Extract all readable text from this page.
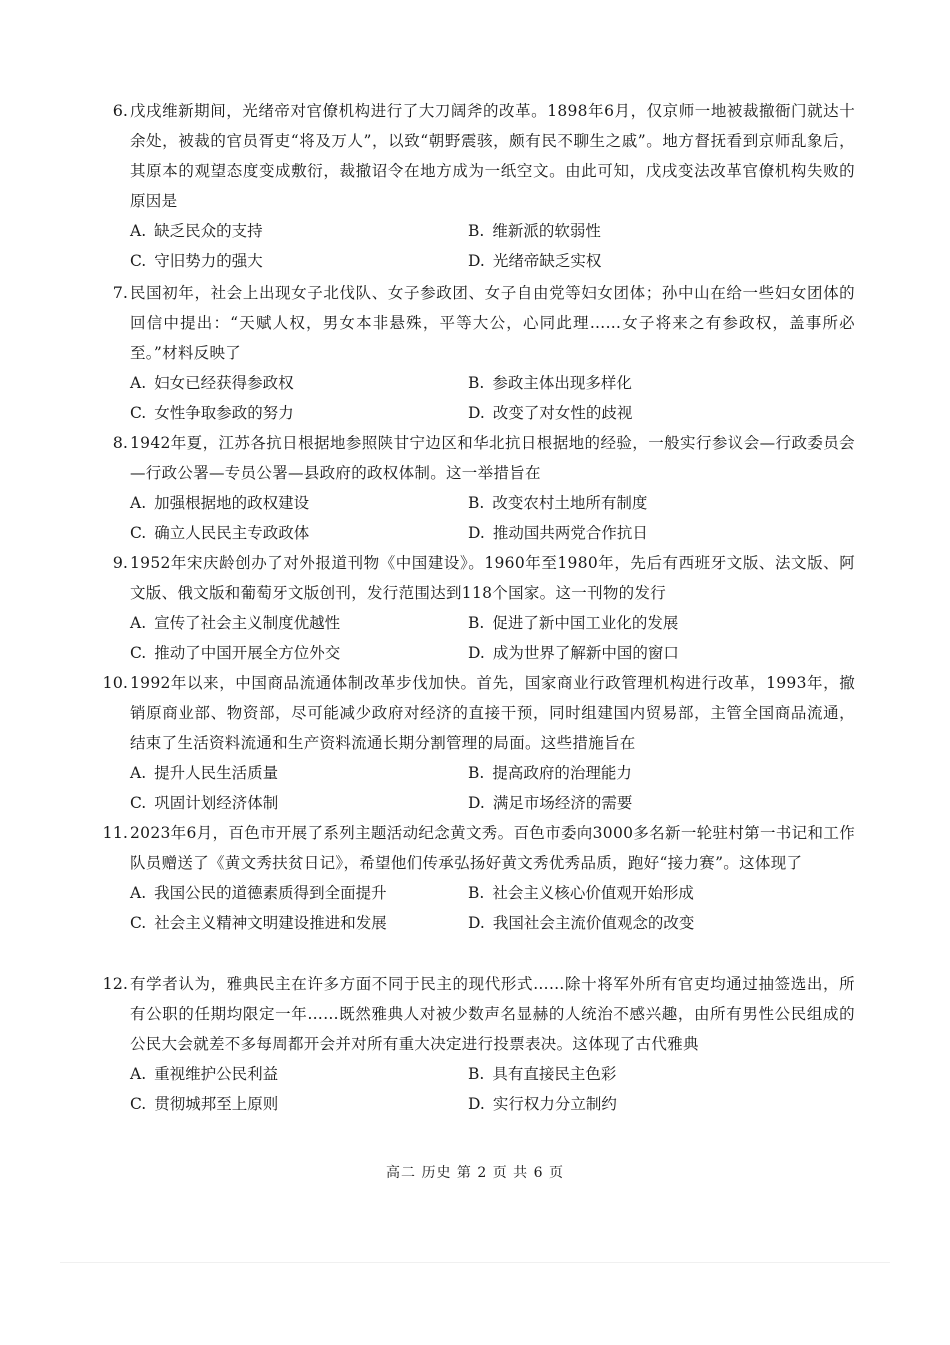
6. 戊戌维新期间，光绪帝对官僚机构进行了大刀阔斧的改革。1898年6月，仅京师一地被裁撤衙门就达十余处，被裁的官员胥吏“将及万人”，以致“朝野震骇，颇有民不聊生之戚”。地方督抚看到京师乱象后，其原本的观望态度变成敷衍，裁撤诏令在地方成为一纸空文。由此可知，戊戌变法改革官僚机构失败的原因是
A. 缺乏民众的支持	B. 维新派的软弱性
C. 守旧势力的强大	D. 光绪帝缺乏实权
7. 民国初年，社会上出现女子北伐队、女子参政团、女子自由党等妇女团体；孙中山在给一些妇女团体的回信中提出：“天赋人权，男女本非悬殊，平等大公，心同此理……女子将来之有参政权，盖事所必至。”材料反映了
A. 妇女已经获得参政权	B. 参政主体出现多样化
C. 女性争取参政的努力	D. 改变了对女性的歧视
8. 1942年夏，江苏各抗日根据地参照陕甘宁边区和华北抗日根据地的经验，一般实行参议会—行政委员会—行政公署—专员公署—县政府的政权体制。这一举措旨在
A. 加强根据地的政权建设	B. 改变农村土地所有制度
C. 确立人民民主专政政体	D. 推动国共两党合作抗日
9. 1952年宋庆龄创办了对外报道刊物《中国建设》。1960年至1980年，先后有西班牙文版、法文版、阿文版、俄文版和葡萄牙文版创刊，发行范围达到118个国家。这一刊物的发行
A. 宣传了社会主义制度优越性	B. 促进了新中国工业化的发展
C. 推动了中国开展全方位外交	D. 成为世界了解新中国的窗口
10. 1992年以来，中国商品流通体制改革步伐加快。首先，国家商业行政管理机构进行改革，1993年，撤销原商业部、物资部，尽可能减少政府对经济的直接干预，同时组建国内贸易部，主管全国商品流通，结束了生活资料流通和生产资料流通长期分割管理的局面。这些措施旨在
A. 提升人民生活质量	B. 提高政府的治理能力
C. 巩固计划经济体制	D. 满足市场经济的需要
11. 2023年6月，百色市开展了系列主题活动纪念黄文秀。百色市委向3000多名新一轮驻村第一书记和工作队员赠送了《黄文秀扶贫日记》，希望他们传承弘扬好黄文秀优秀品质，跑好“接力赛”。这体现了
A. 我国公民的道德素质得到全面提升	B. 社会主义核心价值观开始形成
C. 社会主义精神文明建设推进和发展	D. 我国社会主流价值观念的改变
12. 有学者认为，雅典民主在许多方面不同于民主的现代形式……除十将军外所有官吏均通过抽签选出，所有公职的任期均限定一年……既然雅典人对被少数声名显赫的人统治不感兴趣，由所有男性公民组成的公民大会就差不多每周都开会并对所有重大决定进行投票表决。这体现了古代雅典
A. 重视维护公民利益	B. 具有直接民主色彩
C. 贯彻城邦至上原则	D. 实行权力分立制约
高二 历史 第 2 页 共 6 页
